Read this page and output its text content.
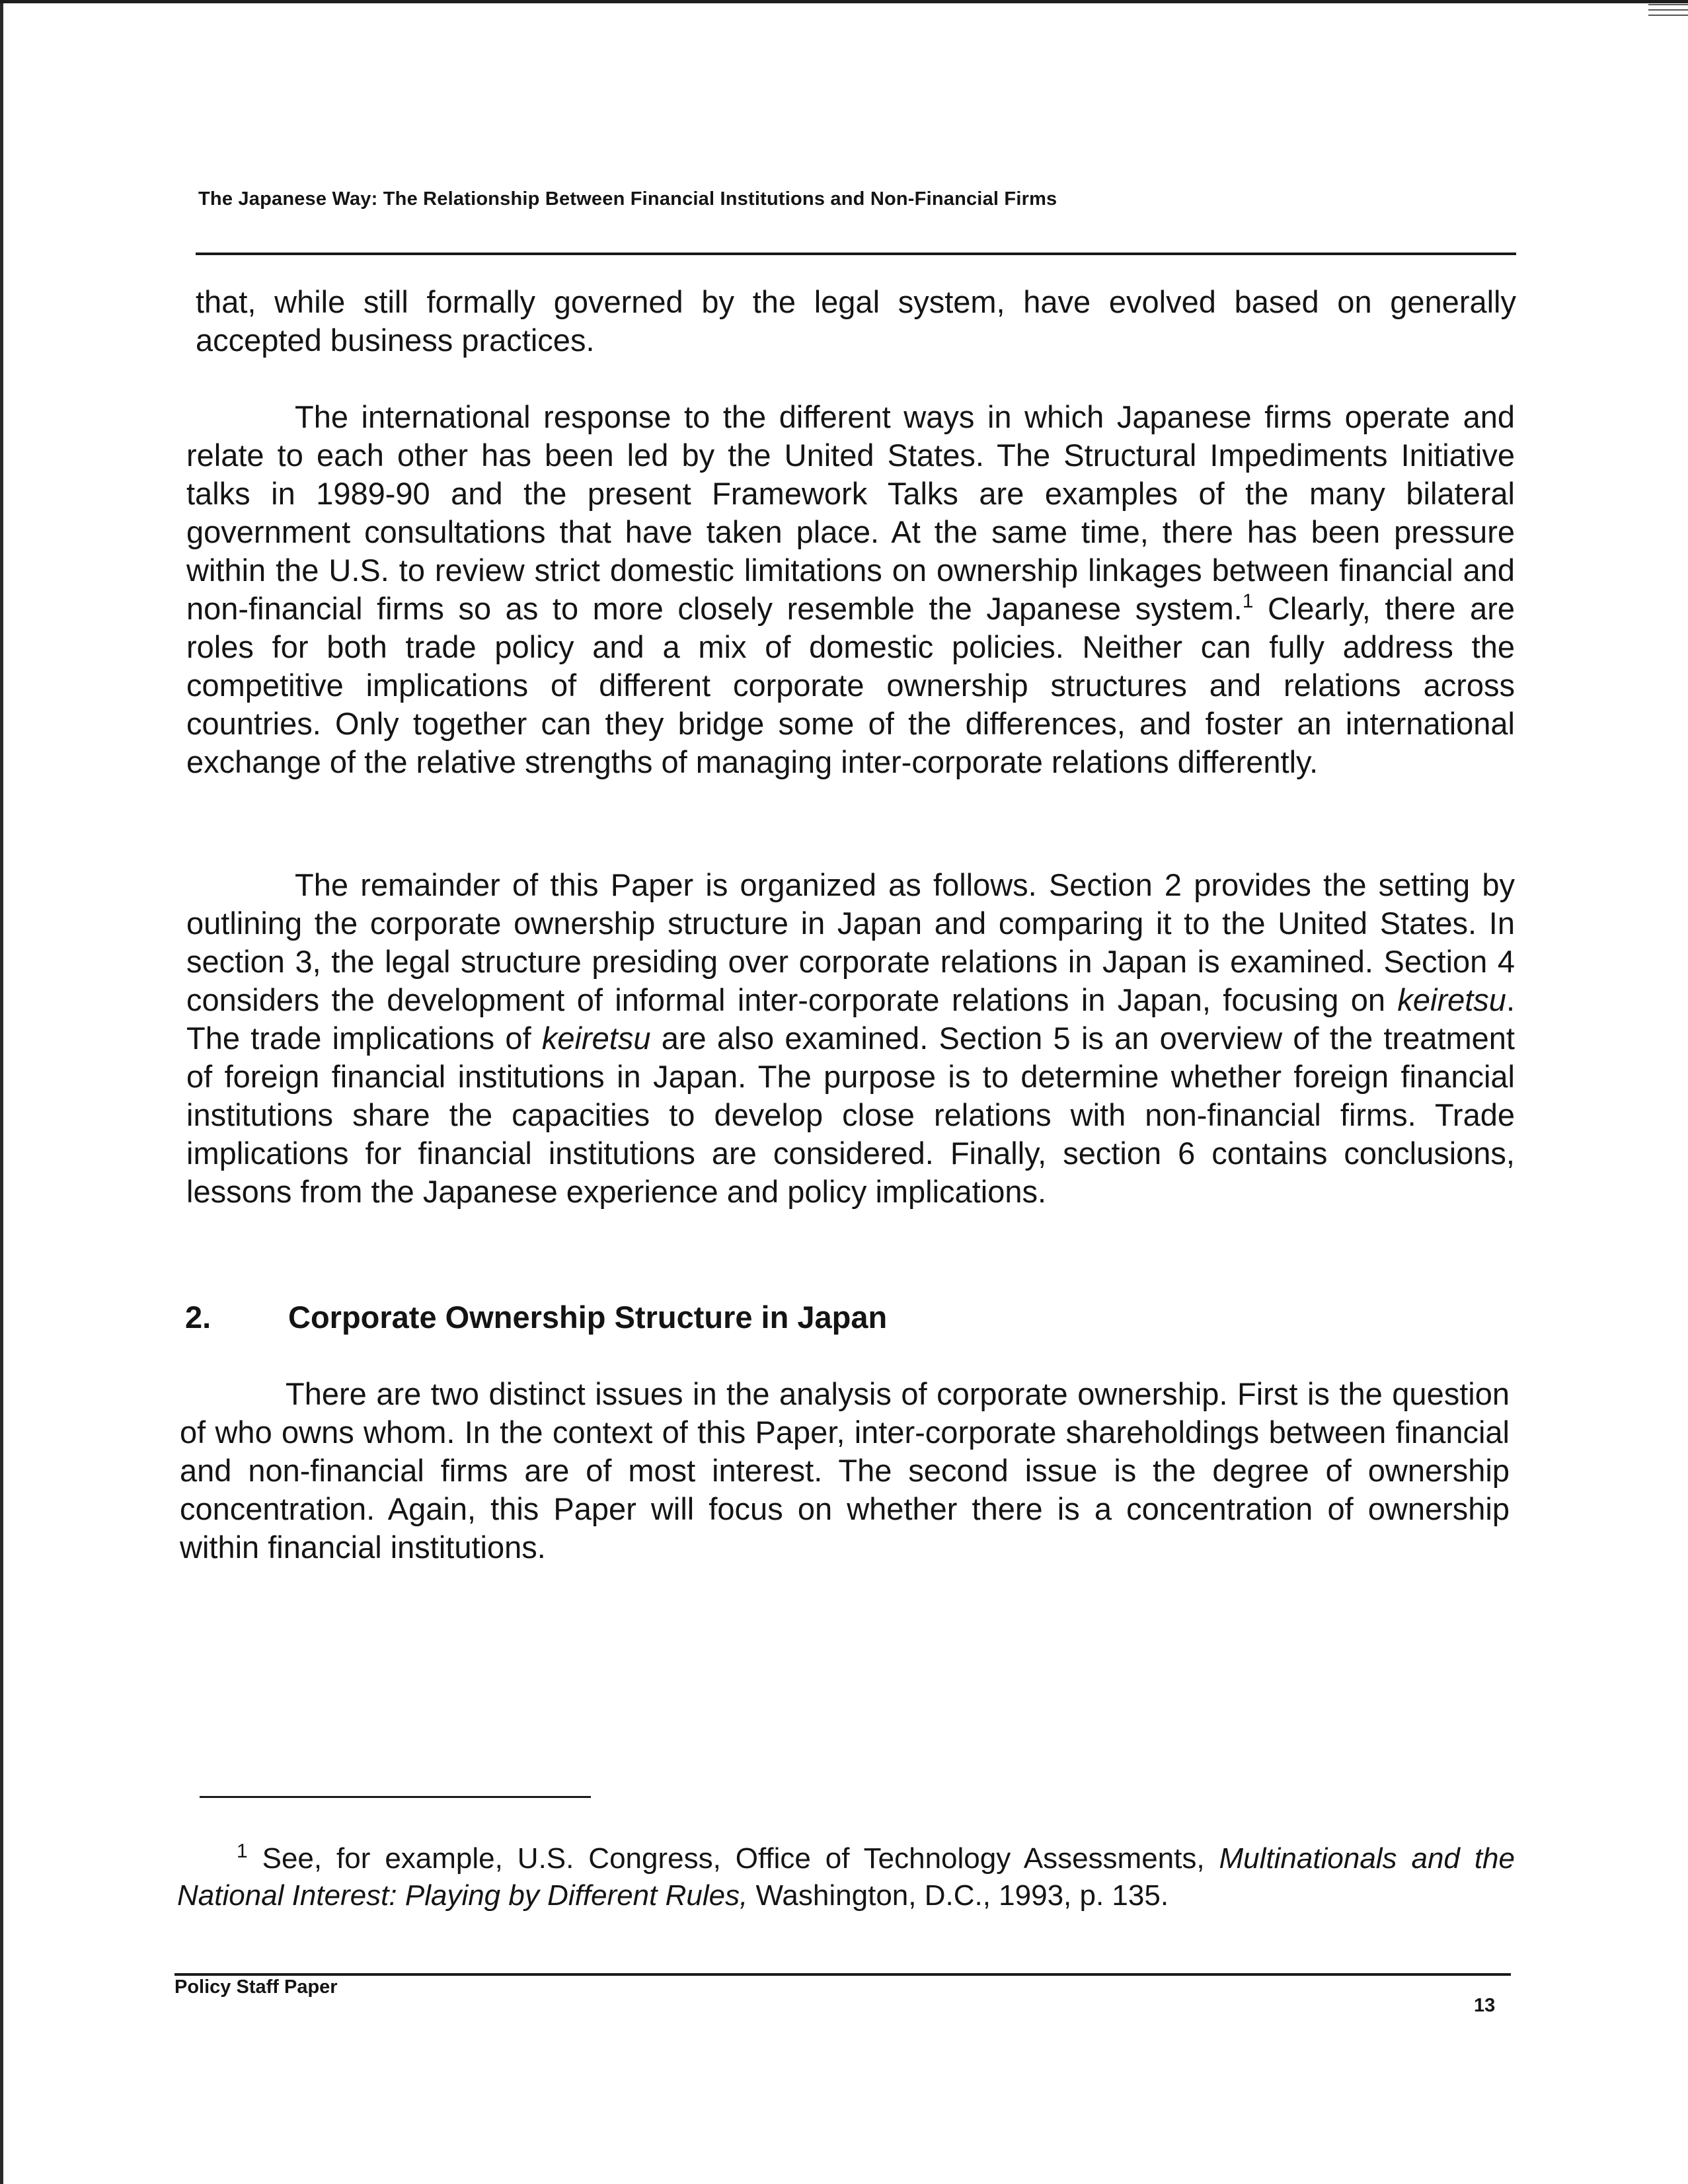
The Japanese Way: The Relationship Between Financial Institutions and Non-Financial Firms

that, while still formally governed by the legal system, have evolved based on generally accepted business practices.

The international response to the different ways in which Japanese firms operate and relate to each other has been led by the United States. The Structural Impediments Initiative talks in 1989-90 and the present Framework Talks are examples of the many bilateral government consultations that have taken place. At the same time, there has been pressure within the U.S. to review strict domestic limitations on ownership linkages between financial and non-financial firms so as to more closely resemble the Japanese system.$^1$ Clearly, there are roles for both trade policy and a mix of domestic policies. Neither can fully address the competitive implications of different corporate ownership structures and relations across countries. Only together can they bridge some of the differences, and foster an international exchange of the relative strengths of managing inter-corporate relations differently.

The remainder of this Paper is organized as follows. Section 2 provides the setting by outlining the corporate ownership structure in Japan and comparing it to the United States. In section 3, the legal structure presiding over corporate relations in Japan is examined. Section 4 considers the development of informal inter-corporate relations in Japan, focusing on keiretsu. The trade implications of keiretsu are also examined. Section 5 is an overview of the treatment of foreign financial institutions in Japan. The purpose is to determine whether foreign financial institutions share the capacities to develop close relations with non-financial firms. Trade implications for financial institutions are considered. Finally, section 6 contains conclusions, lessons from the Japanese experience and policy implications.

2. Corporate Ownership Structure in Japan

There are two distinct issues in the analysis of corporate ownership. First is the question of who owns whom. In the context of this Paper, inter-corporate shareholdings between financial and non-financial firms are of most interest. The second issue is the degree of ownership concentration. Again, this Paper will focus on whether there is a concentration of ownership within financial institutions.

$^1$ See, for example, U.S. Congress, Office of Technology Assessments, Multinationals and the National Interest: Playing by Different Rules, Washington, D.C., 1993, p. 135.

Policy Staff Paper
13
